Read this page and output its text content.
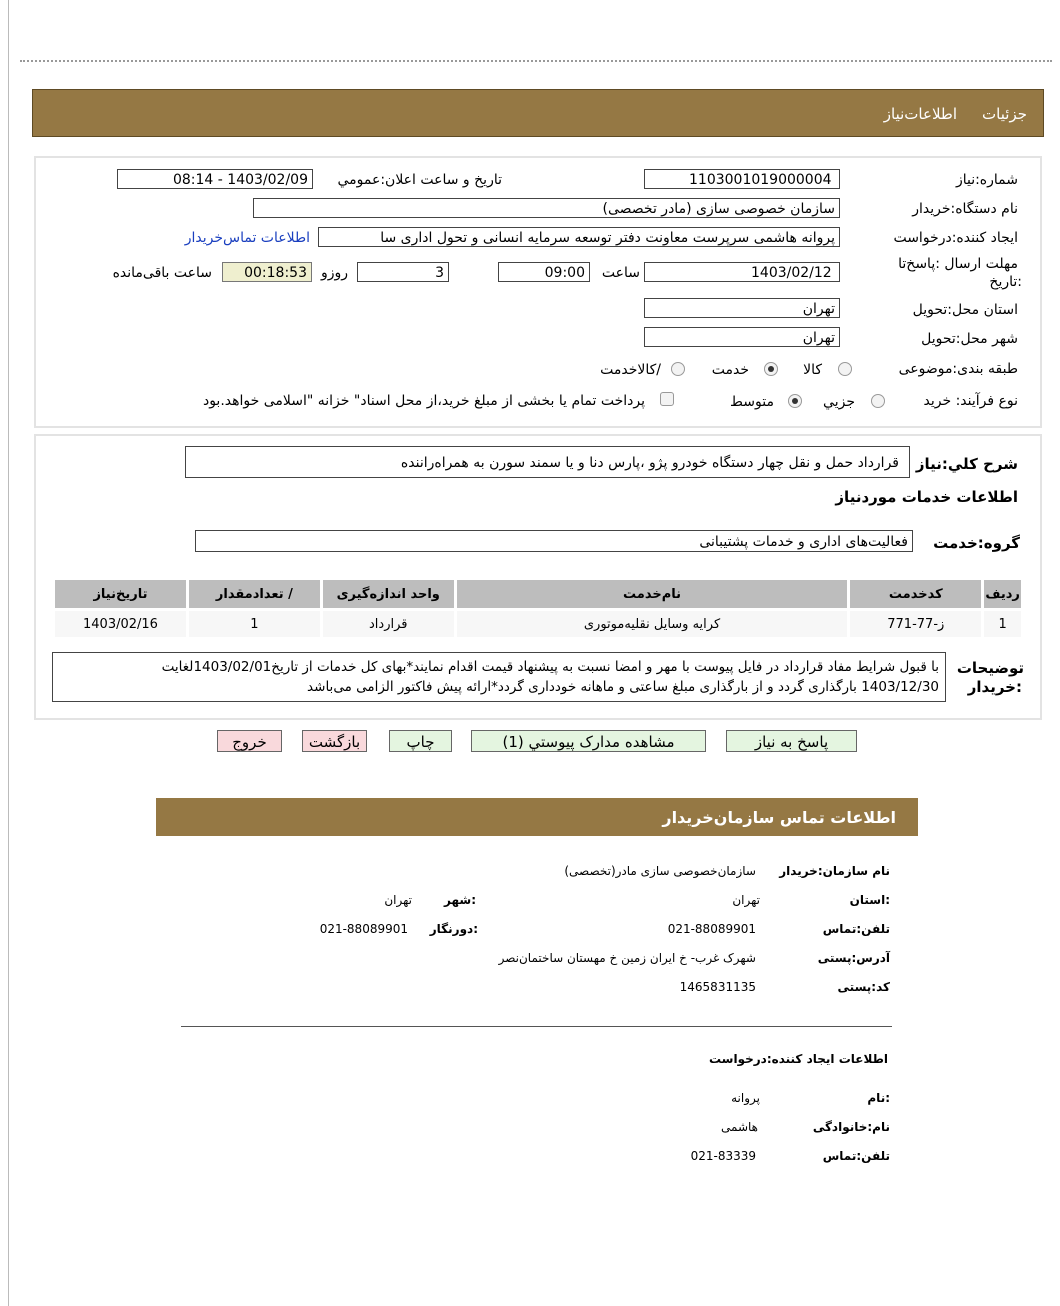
جزئیات
اطلاعات‌نیاز
شماره:نیاز
1103001019000004
تاریخ و ساعت اعلان:عمومي
1403/02/09 - 08:14
نام دستگاه:خریدار
سازمان خصوصی سازی (مادر تخصصی)
ایجاد کننده:درخواست
پروانه هاشمی سرپرست معاونت دفتر توسعه سرمایه انسانی و تحول اداری سا
اطلاعات تماس‌خریدار
مهلت ارسال :پاسخ‌تا
:تاریخ
1403/02/12
ساعت
09:00
3
روزو
00:18:53
ساعت باقی‌مانده
استان محل:تحویل
تهران
شهر محل:تحویل
تهران
طبقه بندی:موضوعی
کالا
خدمت
/کالاخدمت
نوع فرآیند: خرید
جزیي
متوسط
پرداخت تمام یا بخشی از مبلغ خرید،از محل اسناد" خزانه "اسلامی خواهد.بود
شرح کلي:نیاز
قرارداد حمل و نقل چهار دستگاه خودرو پژو ،پارس دنا و یا سمند سورن به همراه‌راننده
اطلاعات خدمات موردنیاز
گروه:خدمت
فعالیت‌های اداری و خدمات پشتیبانی
ردیف	کدخدمت	نام‌خدمت	واحد اندازه‌گیری	/ تعدادمقدار	تاریخ‌نیاز
1	ز-77-771	کرایه وسایل نقلیه‌موتوری	قرارداد	1	1403/02/16
توضیحات
:خریدار
با قبول شرایط مفاد قرارداد در فایل پیوست با مهر و امضا نسبت به پیشنهاد قیمت اقدام نمایند*بهای کل خدمات از تاریخ1403/02/01لغایت
1403/12/30 بارگذاری گردد و از بارگذاری مبلغ ساعتی و ماهانه خودداری گردد*ارائه پیش فاکتور الزامی می‌باشد
پاسخ به نیاز
مشاهده مدارک پیوستي (1)
چاپ
بازگشت
خروج
اطلاعات تماس سازمان‌خریدار
نام سازمان:خریدار
سازمان‌خصوصی سازی مادر(تخصصی)
:استان
تهران
:شهر
تهران
تلفن:تماس
021-88089901
:دورنگار
021-88089901
آدرس:پستی
شهرک غرب- خ ایران زمین خ مهستان ساختمان‌نصر
کد:پستی
1465831135
اطلاعات ایجاد کننده:درخواست
:نام
پروانه
نام:خانوادگی
هاشمی
تلفن:تماس
021-83339
